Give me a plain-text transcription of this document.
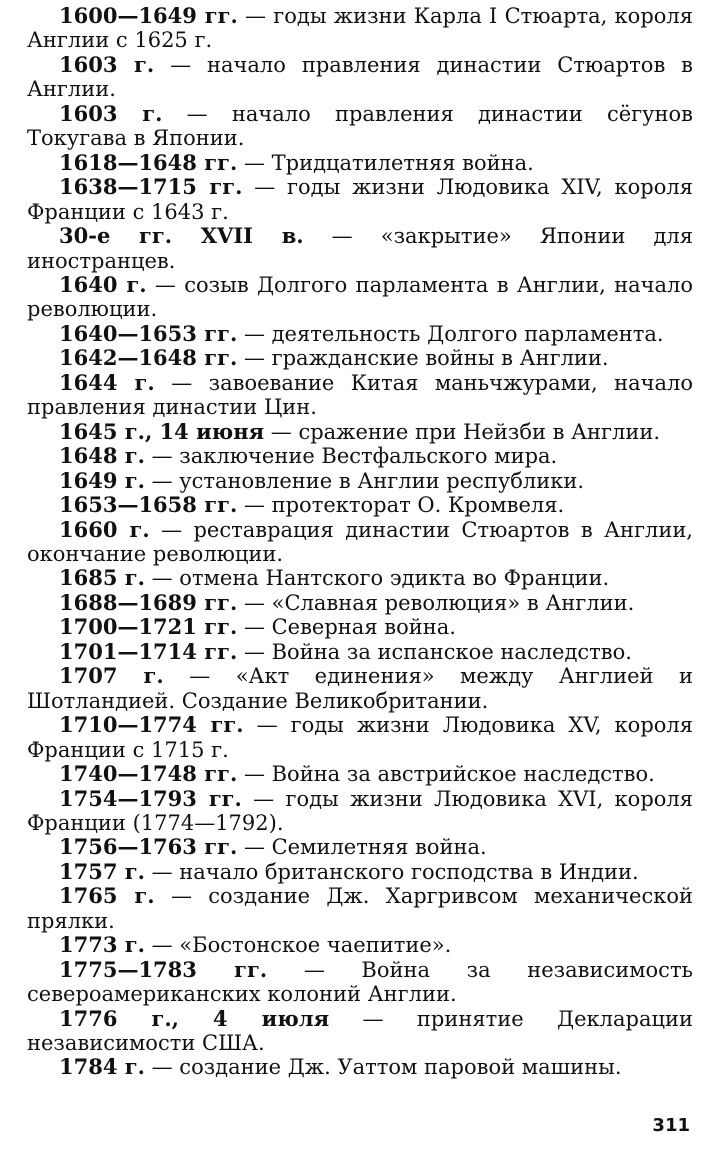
1600—1649 гг. — годы жизни Карла I Стюарта, короля Англии с 1625 г.
1603 г. — начало правления династии Стюартов в Англии.
1603 г. — начало правления династии сёгунов Токугава в Японии.
1618—1648 гг. — Тридцатилетняя война.
1638—1715 гг. — годы жизни Людовика XIV, короля Франции с 1643 г.
30-е гг. XVII в. — «закрытие» Японии для иностранцев.
1640 г. — созыв Долгого парламента в Англии, начало революции.
1640—1653 гг. — деятельность Долгого парламента.
1642—1648 гг. — гражданские войны в Англии.
1644 г. — завоевание Китая маньчжурами, начало правления династии Цин.
1645 г., 14 июня — сражение при Нейзби в Англии.
1648 г. — заключение Вестфальского мира.
1649 г. — установление в Англии республики.
1653—1658 гг. — протекторат О. Кромвеля.
1660 г. — реставрация династии Стюартов в Англии, окончание революции.
1685 г. — отмена Нантского эдикта во Франции.
1688—1689 гг. — «Славная революция» в Англии.
1700—1721 гг. — Северная война.
1701—1714 гг. — Война за испанское наследство.
1707 г. — «Акт единения» между Англией и Шотландией. Создание Великобритании.
1710—1774 гг. — годы жизни Людовика XV, короля Франции с 1715 г.
1740—1748 гг. — Война за австрийское наследство.
1754—1793 гг. — годы жизни Людовика XVI, короля Франции (1774—1792).
1756—1763 гг. — Семилетняя война.
1757 г. — начало британского господства в Индии.
1765 г. — создание Дж. Харгривсом механической прялки.
1773 г. — «Бостонское чаепитие».
1775—1783 гг. — Война за независимость североамериканских колоний Англии.
1776 г., 4 июля — принятие Декларации независимости США.
1784 г. — создание Дж. Уаттом паровой машины.
311
